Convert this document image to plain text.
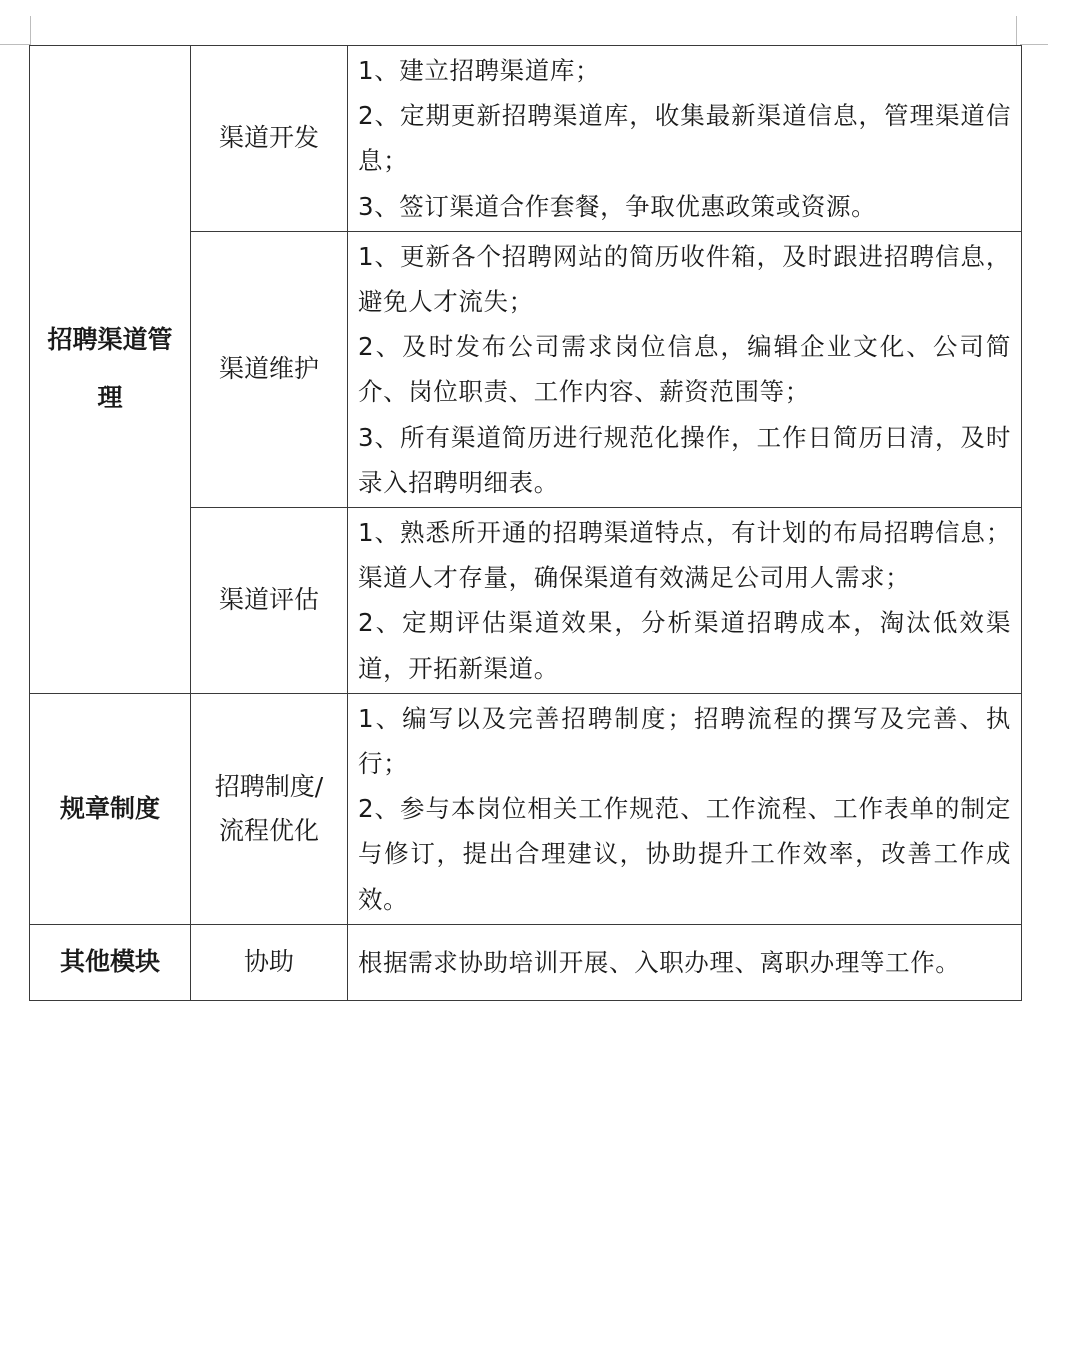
招聘渠道管理	渠道开发	1、建立招聘渠道库；
2、定期更新招聘渠道库，收集最新渠道信息，管理渠道信息；
3、签订渠道合作套餐，争取优惠政策或资源。

	渠道维护	1、更新各个招聘网站的简历收件箱，及时跟进招聘信息，避免人才流失；
2、及时发布公司需求岗位信息，编辑企业文化、公司简介、岗位职责、工作内容、薪资范围等；
3、所有渠道简历进行规范化操作，工作日简历日清，及时录入招聘明细表。

	渠道评估	1、熟悉所开通的招聘渠道特点，有计划的布局招聘信息；渠道人才存量，确保渠道有效满足公司用人需求；
2、定期评估渠道效果，分析渠道招聘成本，淘汰低效渠道，开拓新渠道。

规章制度	招聘制度/流程优化	1、编写以及完善招聘制度；招聘流程的撰写及完善、执行；
2、参与本岗位相关工作规范、工作流程、工作表单的制定与修订，提出合理建议，协助提升工作效率，改善工作成效。

其他模块	协助	根据需求协助培训开展、入职办理、离职办理等工作。
